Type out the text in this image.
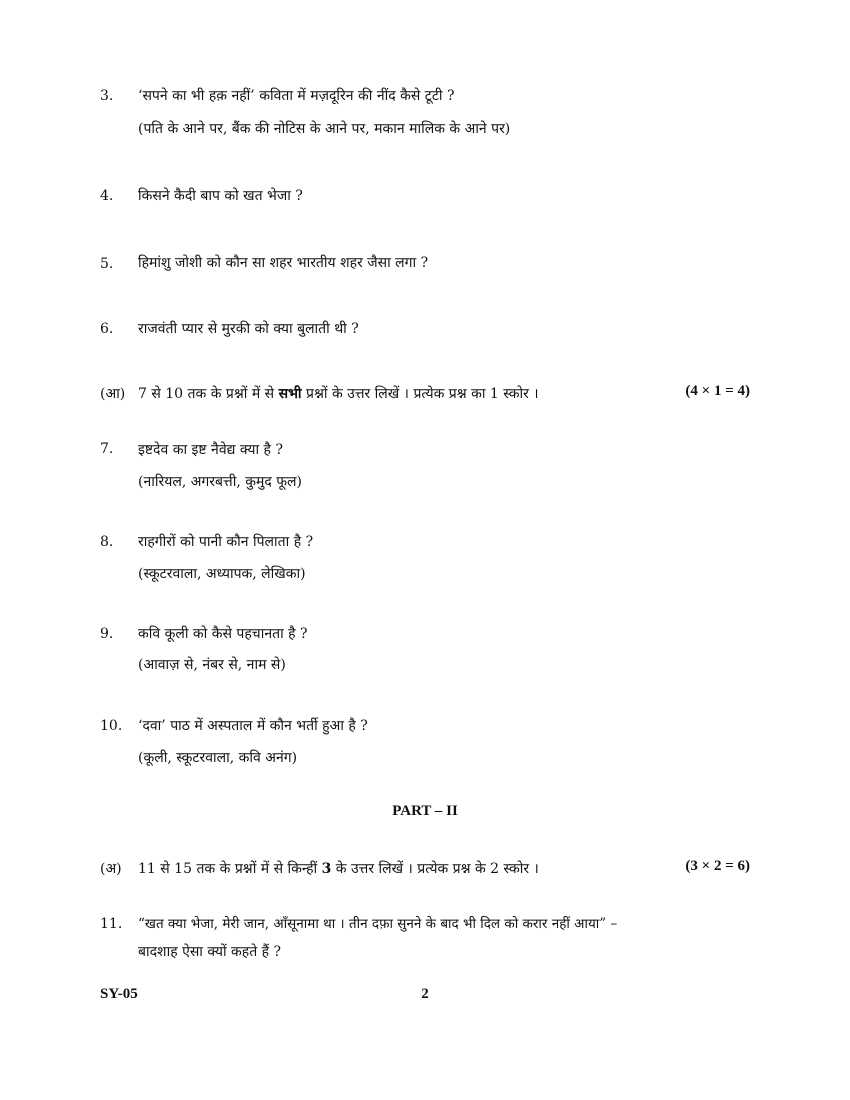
3. ‘सपने का भी हक़ नहीं’ कविता में मज़दूरिन की नींद कैसे टूटी ?
(पति के आने पर, बैंक की नोटिस के आने पर, मकान मालिक के आने पर)
4. किसने कैदी बाप को खत भेजा ?
5. हिमांशु जोशी को कौन सा शहर भारतीय शहर जैसा लगा ?
6. राजवंती प्यार से मुरकी को क्या बुलाती थी ?
(आ) 7 से 10 तक के प्रश्नों में से सभी प्रश्नों के उत्तर लिखें । प्रत्येक प्रश्न का 1 स्कोर ।	(4 × 1 = 4)
7. इष्टदेव का इष्ट नैवेद्य क्या है ?
(नारियल, अगरबत्ती, कुमुद फूल)
8. राहगीरों को पानी कौन पिलाता है ?
(स्कूटरवाला, अध्यापक, लेखिका)
9. कवि कूली को कैसे पहचानता है ?
(आवाज़ से, नंबर से, नाम से)
10. ‘दवा’ पाठ में अस्पताल में कौन भर्ती हुआ है ?
(कूली, स्कूटरवाला, कवि अनंग)
PART – II
(अ) 11 से 15 तक के प्रश्नों में से किन्हीं 3 के उत्तर लिखें । प्रत्येक प्रश्न के 2 स्कोर ।	(3 × 2 = 6)
11. “खत क्या भेजा, मेरी जान, आँसूनामा था । तीन दफ़ा सुनने के बाद भी दिल को करार नहीं आया” –
बादशाह ऐसा क्यों कहते हैं ?
SY-05	2
